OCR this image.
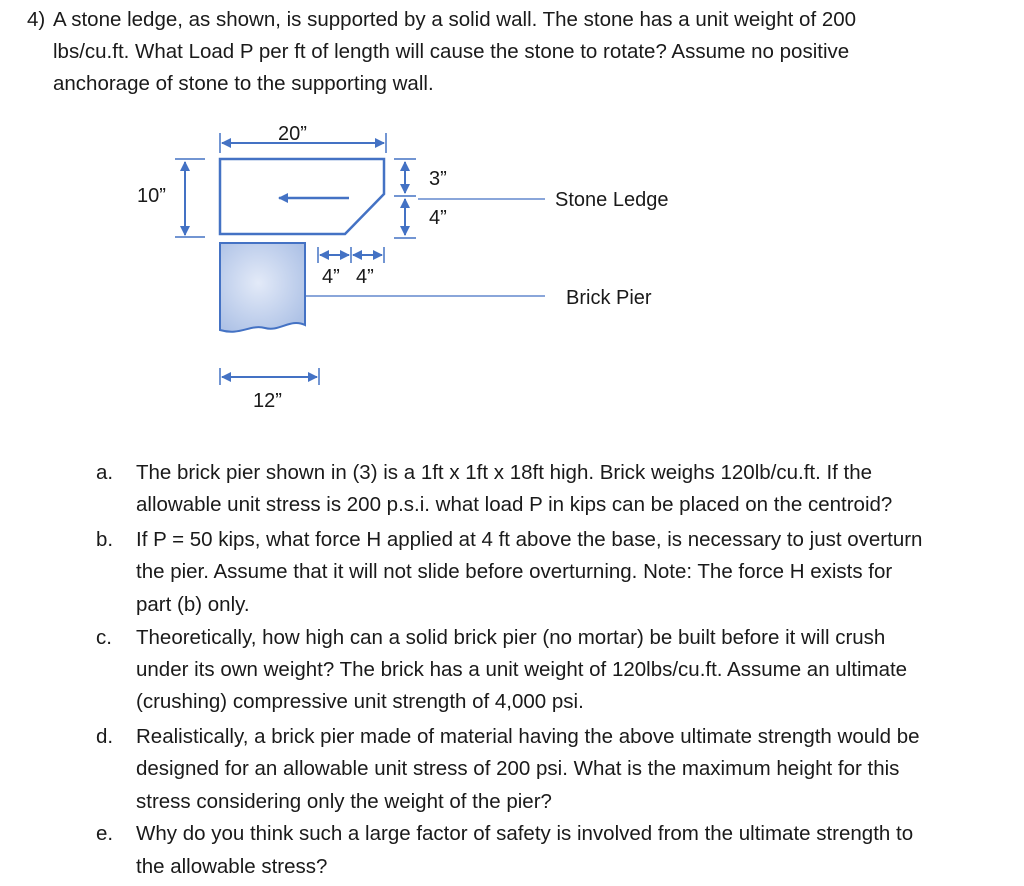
4) A stone ledge, as shown, is supported by a solid wall. The stone has a unit weight of 200
lbs/cu.ft. What Load P per ft of length will cause the stone to rotate? Assume no positive
anchorage of stone to the supporting wall.
20”
10”
3”
4”
Stone Ledge
4” 4”
Brick Pier
12”
a. The brick pier shown in (3) is a 1ft x 1ft x 18ft high. Brick weighs 120lb/cu.ft. If the
allowable unit stress is 200 p.s.i. what load P in kips can be placed on the centroid?
b. If P = 50 kips, what force H applied at 4 ft above the base, is necessary to just overturn
the pier. Assume that it will not slide before overturning. Note: The force H exists for
part (b) only.
c. Theoretically, how high can a solid brick pier (no mortar) be built before it will crush
under its own weight? The brick has a unit weight of 120lbs/cu.ft. Assume an ultimate
(crushing) compressive unit strength of 4,000 psi.
d. Realistically, a brick pier made of material having the above ultimate strength would be
designed for an allowable unit stress of 200 psi. What is the maximum height for this
stress considering only the weight of the pier?
e. Why do you think such a large factor of safety is involved from the ultimate strength to
the allowable stress?
